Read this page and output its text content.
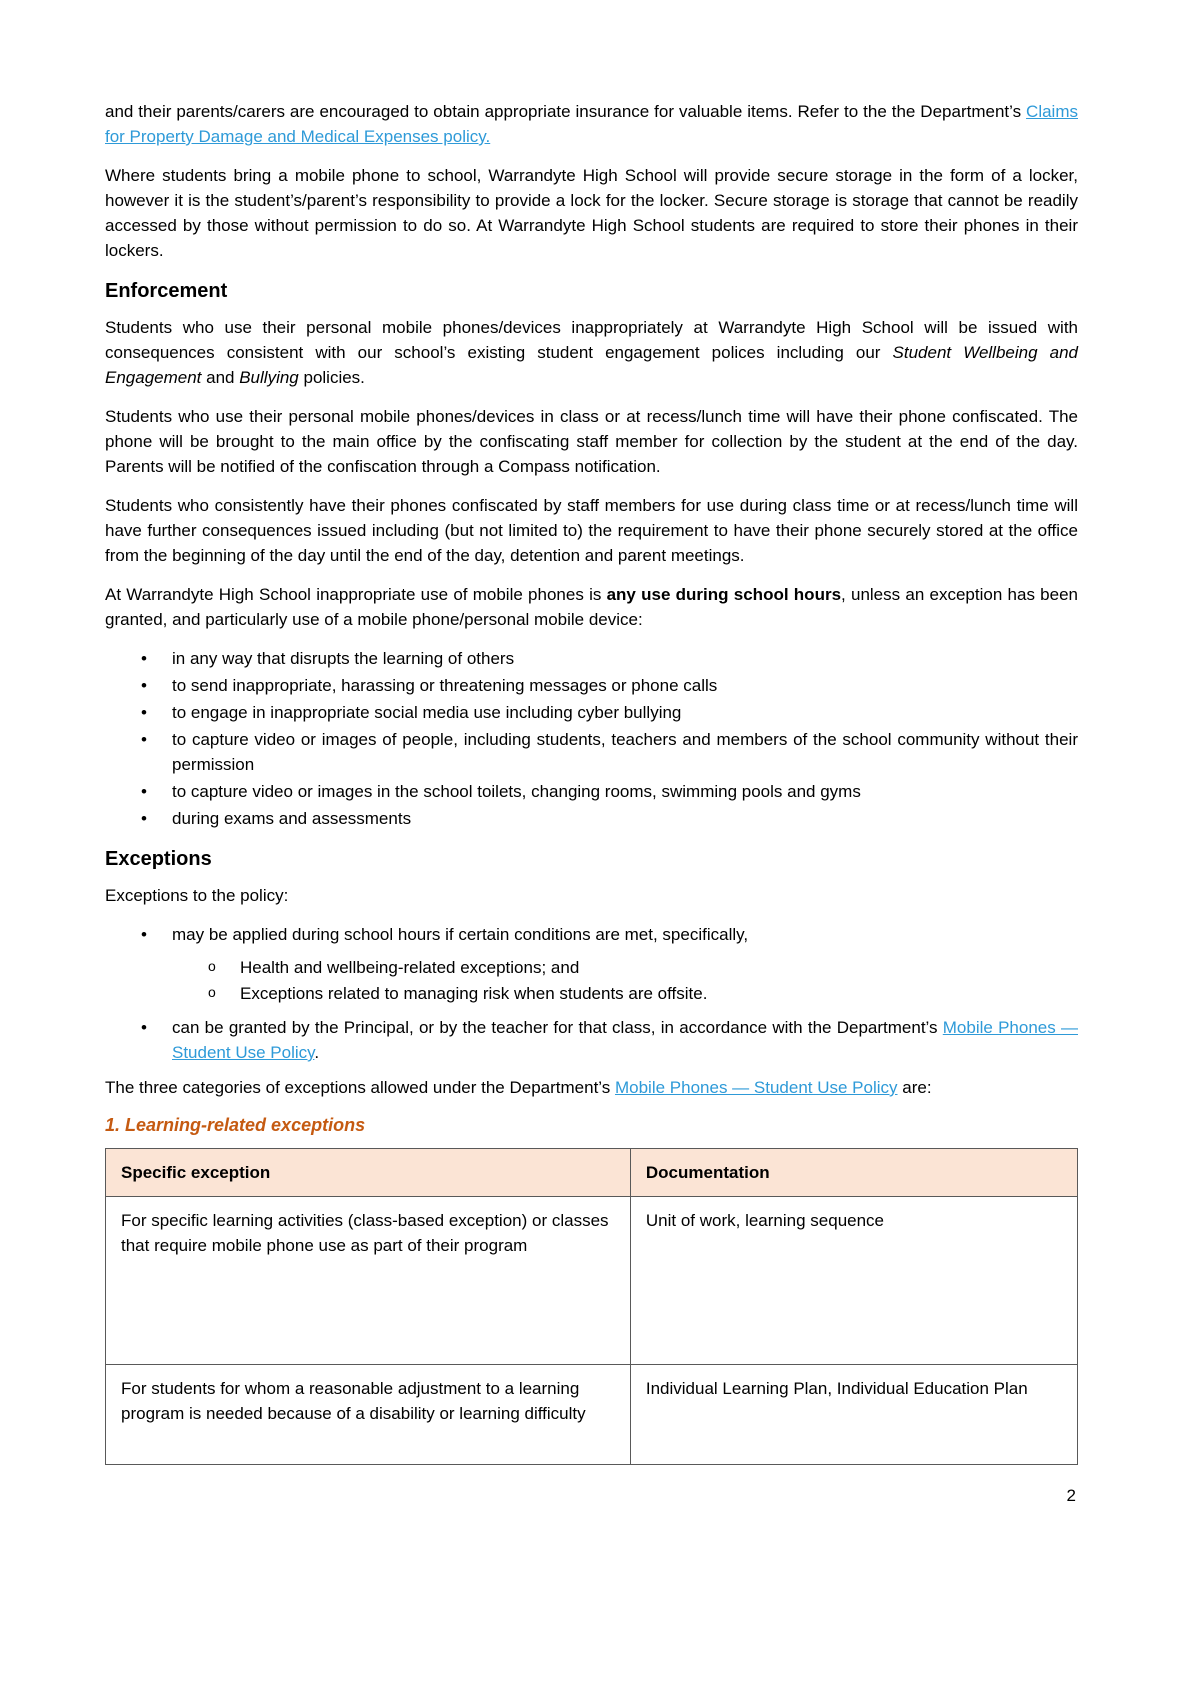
and their parents/carers are encouraged to obtain appropriate insurance for valuable items. Refer to the the Department’s Claims for Property Damage and Medical Expenses policy.

Where students bring a mobile phone to school, Warrandyte High School will provide secure storage in the form of a locker, however it is the student’s/parent’s responsibility to provide a lock for the locker. Secure storage is storage that cannot be readily accessed by those without permission to do so. At Warrandyte High School students are required to store their phones in their lockers.

Enforcement

Students who use their personal mobile phones/devices inappropriately at Warrandyte High School will be issued with consequences consistent with our school’s existing student engagement polices including our Student Wellbeing and Engagement and Bullying policies.

Students who use their personal mobile phones/devices in class or at recess/lunch time will have their phone confiscated. The phone will be brought to the main office by the confiscating staff member for collection by the student at the end of the day. Parents will be notified of the confiscation through a Compass notification.

Students who consistently have their phones confiscated by staff members for use during class time or at recess/lunch time will have further consequences issued including (but not limited to) the requirement to have their phone securely stored at the office from the beginning of the day until the end of the day, detention and parent meetings.

At Warrandyte High School inappropriate use of mobile phones is any use during school hours, unless an exception has been granted, and particularly use of a mobile phone/personal mobile device:

• in any way that disrupts the learning of others
• to send inappropriate, harassing or threatening messages or phone calls
• to engage in inappropriate social media use including cyber bullying
• to capture video or images of people, including students, teachers and members of the school community without their permission
• to capture video or images in the school toilets, changing rooms, swimming pools and gyms
• during exams and assessments
Exceptions

Exceptions to the policy:

• may be applied during school hours if certain conditions are met, specifically,
o Health and wellbeing-related exceptions; and
o Exceptions related to managing risk when students are offsite.
• can be granted by the Principal, or by the teacher for that class, in accordance with the Department’s Mobile Phones — Student Use Policy.

The three categories of exceptions allowed under the Department’s Mobile Phones — Student Use Policy are:

1. Learning-related exceptions
Specific exception	Documentation
For specific learning activities (class-based exception) or classes that require mobile phone use as part of their program	Unit of work, learning sequence
For students for whom a reasonable adjustment to a learning program is needed because of a disability or learning difficulty	Individual Learning Plan, Individual Education Plan
2
